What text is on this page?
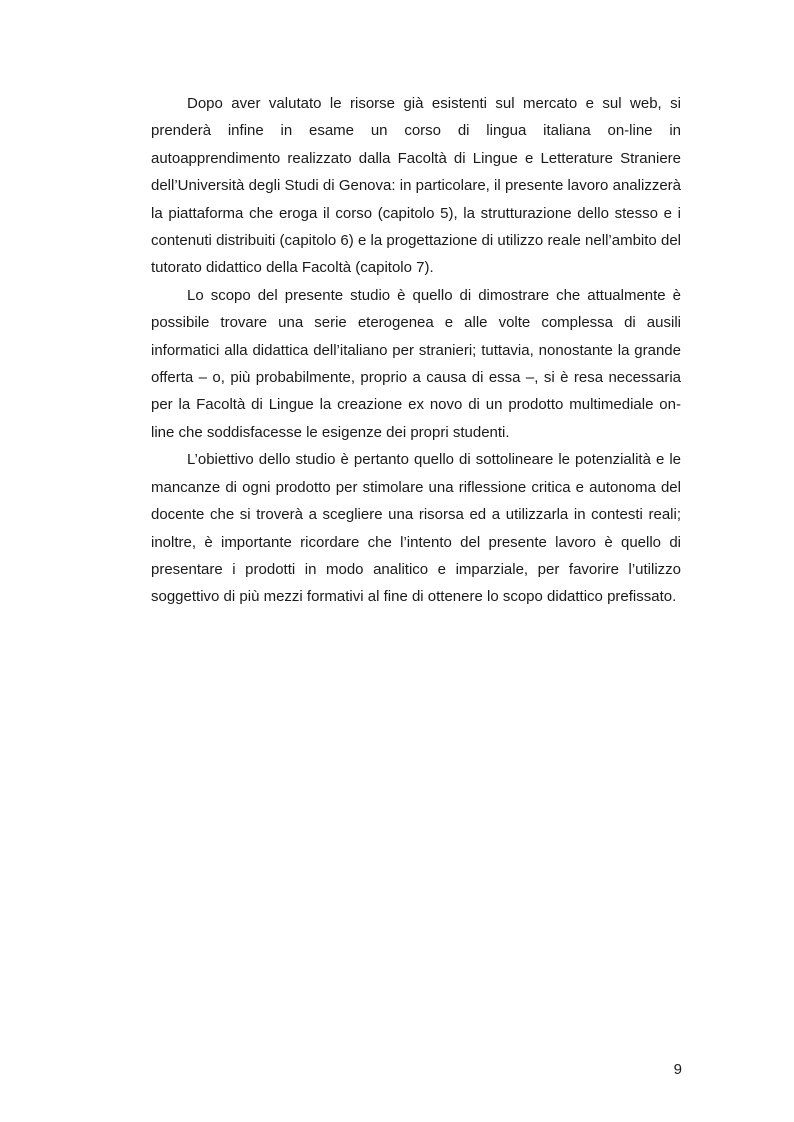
Dopo aver valutato le risorse già esistenti sul mercato e sul web, si prenderà infine in esame un corso di lingua italiana on-line in autoapprendimento realizzato dalla Facoltà di Lingue e Letterature Straniere dell’Università degli Studi di Genova: in particolare, il presente lavoro analizzerà la piattaforma che eroga il corso (capitolo 5), la strutturazione dello stesso e i contenuti distribuiti (capitolo 6) e la progettazione di utilizzo reale nell’ambito del tutorato didattico della Facoltà (capitolo 7).

Lo scopo del presente studio è quello di dimostrare che attualmente è possibile trovare una serie eterogenea e alle volte complessa di ausili informatici alla didattica dell’italiano per stranieri; tuttavia, nonostante la grande offerta – o, più probabilmente, proprio a causa di essa –, si è resa necessaria per la Facoltà di Lingue la creazione ex novo di un prodotto multimediale on-line che soddisfacesse le esigenze dei propri studenti.

L’obiettivo dello studio è pertanto quello di sottolineare le potenzialità e le mancanze di ogni prodotto per stimolare una riflessione critica e autonoma del docente che si troverà a scegliere una risorsa ed a utilizzarla in contesti reali; inoltre, è importante ricordare che l’intento del presente lavoro è quello di presentare i prodotti in modo analitico e imparziale, per favorire l’utilizzo soggettivo di più mezzi formativi al fine di ottenere lo scopo didattico prefissato.

9
